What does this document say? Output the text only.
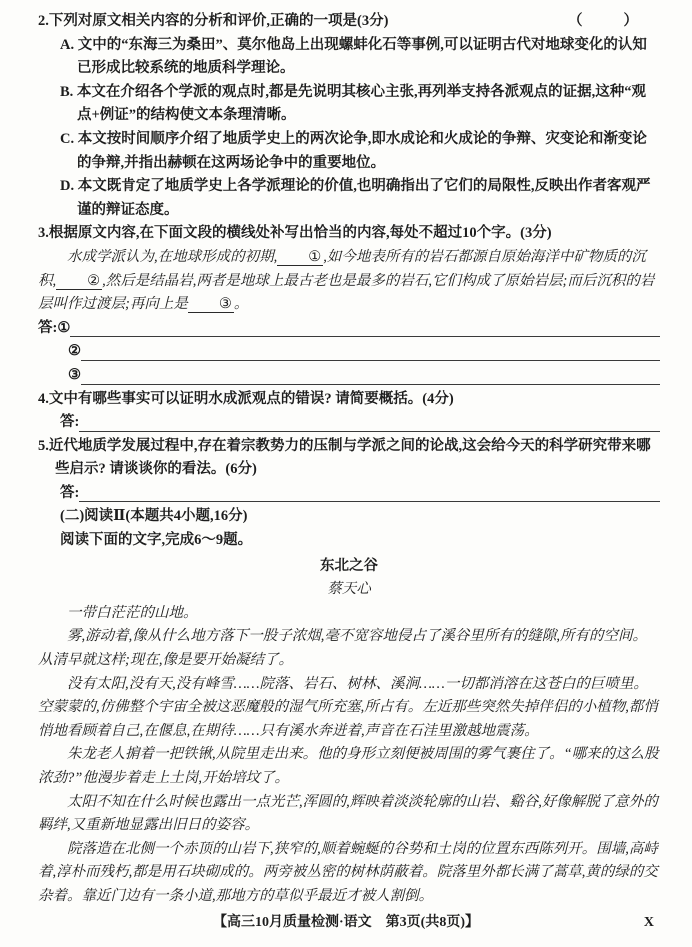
2.下列对原文相关内容的分析和评价,正确的一项是(3分)	（　　）
A. 文中的“东海三为桑田”、莫尔他岛上出现螺蚌化石等事例,可以证明古代对地球变化的认知已形成比较系统的地质科学理论。
B. 本文在介绍各个学派的观点时,都是先说明其核心主张,再列举支持各派观点的证据,这种“观点+例证”的结构使文本条理清晰。
C. 本文按时间顺序介绍了地质学史上的两次论争,即水成论和火成论的争辩、灾变论和渐变论的争辩,并指出赫顿在这两场论争中的重要地位。
D. 本文既肯定了地质学史上各学派理论的价值,也明确指出了它们的局限性,反映出作者客观严谨的辩证态度。
3.根据原文内容,在下面文段的横线处补写出恰当的内容,每处不超过10个字。(3分)
水成学派认为,在地球形成的初期, ① ,如今地表所有的岩石都源自原始海洋中矿物质的沉积, ② ,然后是结晶岩,两者是地球上最古老也是最多的岩石,它们构成了原始岩层;而后沉积的岩层叫作过渡层;再向上是 ③ 。
答: ①
②
③
4.文中有哪些事实可以证明水成派观点的错误? 请简要概括。(4分)
答:
5.近代地质学发展过程中,存在着宗教势力的压制与学派之间的论战,这会给今天的科学研究带来哪些启示? 请谈谈你的看法。(6分)
答:
(二)阅读Ⅱ(本题共4小题,16分)
阅读下面的文字,完成6～9题。
东北之谷
蔡天心
一带白茫茫的山地。
雾,游动着,像从什么地方落下一股子浓烟,毫不宽容地侵占了溪谷里所有的缝隙,所有的空间。从清早就这样;现在,像是要开始凝结了。
没有太阳,没有天,没有峰雪……院落、岩石、树林、溪涧……一切都消溶在这苍白的巨喷里。空蒙蒙的,仿佛整个宇宙全被这恶魔般的湿气所充塞,所占有。左近那些突然失掉伴侣的小植物,都悄悄地看顾着自己,在偃息,在期待……只有溪水奔迸着,声音在石洼里激越地震荡。
朱龙老人掮着一把铁锹,从院里走出来。他的身形立刻便被周围的雾气裹住了。“哪来的这么股浓劲?”他漫步着走上土岗,开始培坟了。
太阳不知在什么时候也露出一点光芒,浑圆的,辉映着淡淡轮廓的山岩、谿谷,好像解脱了意外的羁绊,又重新地显露出旧日的姿容。
院落造在北侧一个赤顶的山岩下,狭窄的,顺着蜿蜒的谷势和土岗的位置东西陈列开。围墙,高峙着,淳朴而残朽,都是用石块砌成的。两旁被丛密的树林荫蔽着。院落里外都长满了蒿草,黄的绿的交杂着。靠近门边有一条小道,那地方的草似乎最近才被人割倒。
【高三10月质量检测·语文　第3页(共8页)】	X
